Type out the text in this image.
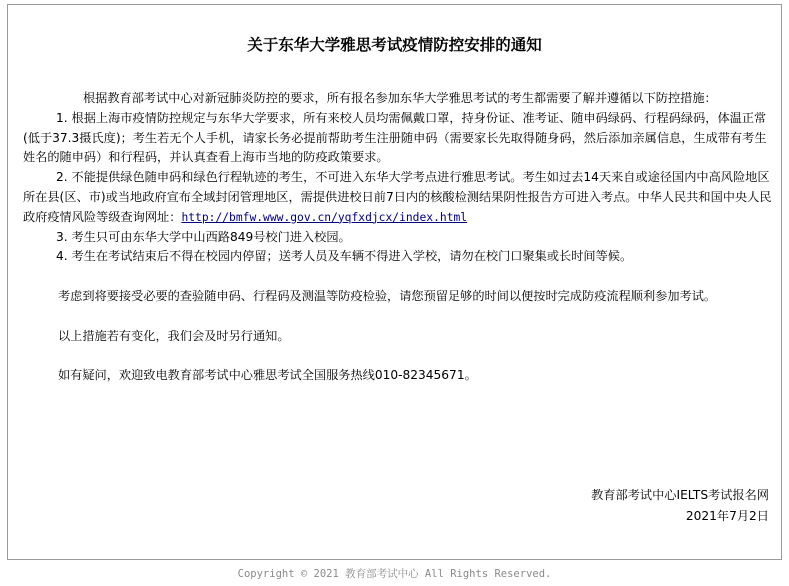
关于东华大学雅思考试疫情防控安排的通知

根据教育部考试中心对新冠肺炎防控的要求，所有报名参加东华大学雅思考试的考生都需要了解并遵循以下防控措施：

1. 根据上海市疫情防控规定与东华大学要求，所有来校人员均需佩戴口罩，持身份证、准考证、随申码绿码、行程码绿码，体温正常(低于37.3摄氏度)；考生若无个人手机，请家长务必提前帮助考生注册随申码（需要家长先取得随身码，然后添加亲属信息，生成带有考生姓名的随申码）和行程码，并认真查看上海市当地的防疫政策要求。

2. 不能提供绿色随申码和绿色行程轨迹的考生，不可进入东华大学考点进行雅思考试。考生如过去14天来自或途径国内中高风险地区所在县(区、市)或当地政府宣布全域封闭管理地区，需提供进校日前7日内的核酸检测结果阴性报告方可进入考点。中华人民共和国中央人民政府疫情风险等级查询网址：http://bmfw.www.gov.cn/yqfxdjcx/index.html

3. 考生只可由东华大学中山西路849号校门进入校园。

4. 考生在考试结束后不得在校园内停留；送考人员及车辆不得进入学校，请勿在校门口聚集或长时间等候。

考虑到将要接受必要的查验随申码、行程码及测温等防疫检验，请您预留足够的时间以便按时完成防疫流程顺利参加考试。

以上措施若有变化，我们会及时另行通知。

如有疑问，欢迎致电教育部考试中心雅思考试全国服务热线010-82345671。

教育部考试中心IELTS考试报名网
2021年7月2日
Copyright © 2021 教育部考试中心 All Rights Reserved.
